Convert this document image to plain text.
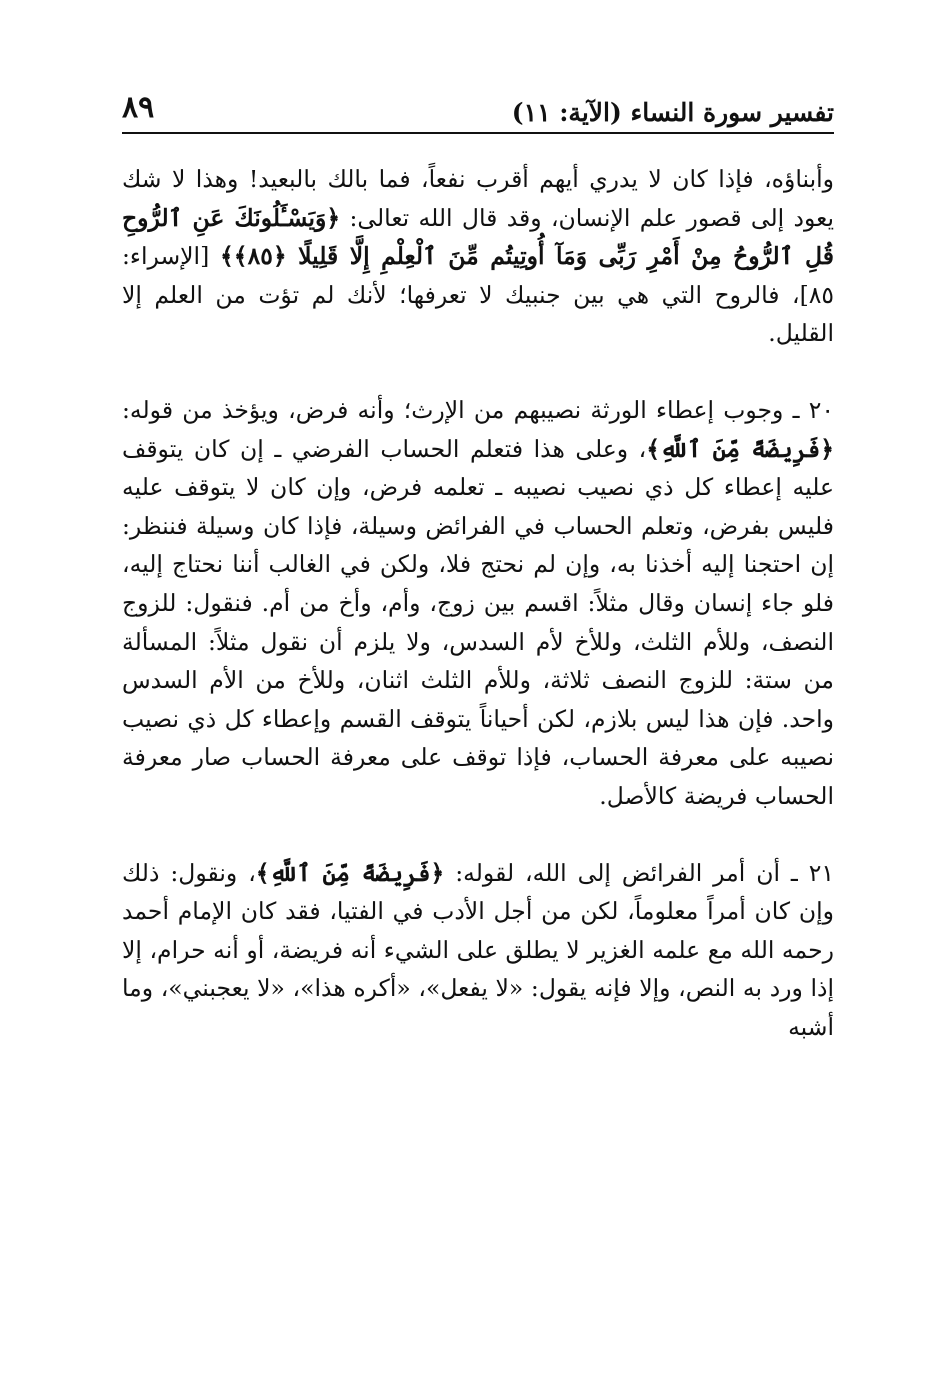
تفسير سورة النساء (الآية: ١١)
٨٩

وأبناؤه، فإذا كان لا يدري أيهم أقرب نفعاً، فما بالك بالبعيد! وهذا لا شك يعود إلى قصور علم الإنسان، وقد قال الله تعالى: ﴿وَيَسْـَٔلُونَكَ عَنِ ٱلرُّوحِ قُلِ ٱلرُّوحُ مِنْ أَمْرِ رَبِّى وَمَآ أُوتِيتُم مِّنَ ٱلْعِلْمِ إِلَّا قَلِيلًا ﴿٨٥﴾﴾ [الإسراء: ٨٥]، فالروح التي هي بين جنبيك لا تعرفها؛ لأنك لم تؤت من العلم إلا القليل.

٢٠ ـ وجوب إعطاء الورثة نصيبهم من الإرث؛ وأنه فرض، ويؤخذ من قوله: ﴿فَرِيضَةً مِّنَ ٱللَّهِ﴾، وعلى هذا فتعلم الحساب الفرضي ـ إن كان يتوقف عليه إعطاء كل ذي نصيب نصيبه ـ تعلمه فرض، وإن كان لا يتوقف عليه فليس بفرض، وتعلم الحساب في الفرائض وسيلة، فإذا كان وسيلة فننظر: إن احتجنا إليه أخذنا به، وإن لم نحتج فلا، ولكن في الغالب أننا نحتاج إليه، فلو جاء إنسان وقال مثلاً: اقسم بين زوج، وأم، وأخ من أم. فنقول: للزوج النصف، وللأم الثلث، وللأخ لأم السدس، ولا يلزم أن نقول مثلاً: المسألة من ستة: للزوج النصف ثلاثة، وللأم الثلث اثنان، وللأخ من الأم السدس واحد. فإن هذا ليس بلازم، لكن أحياناً يتوقف القسم وإعطاء كل ذي نصيب نصيبه على معرفة الحساب، فإذا توقف على معرفة الحساب صار معرفة الحساب فريضة كالأصل.

٢١ ـ أن أمر الفرائض إلى الله، لقوله: ﴿فَرِيضَةً مِّنَ ٱللَّهِ﴾، ونقول: ذلك وإن كان أمراً معلوماً، لكن من أجل الأدب في الفتيا، فقد كان الإمام أحمد رحمه الله مع علمه الغزير لا يطلق على الشيء أنه فريضة، أو أنه حرام، إلا إذا ورد به النص، وإلا فإنه يقول: «لا يفعل»، «أكره هذا»، «لا يعجبني»، وما أشبه
